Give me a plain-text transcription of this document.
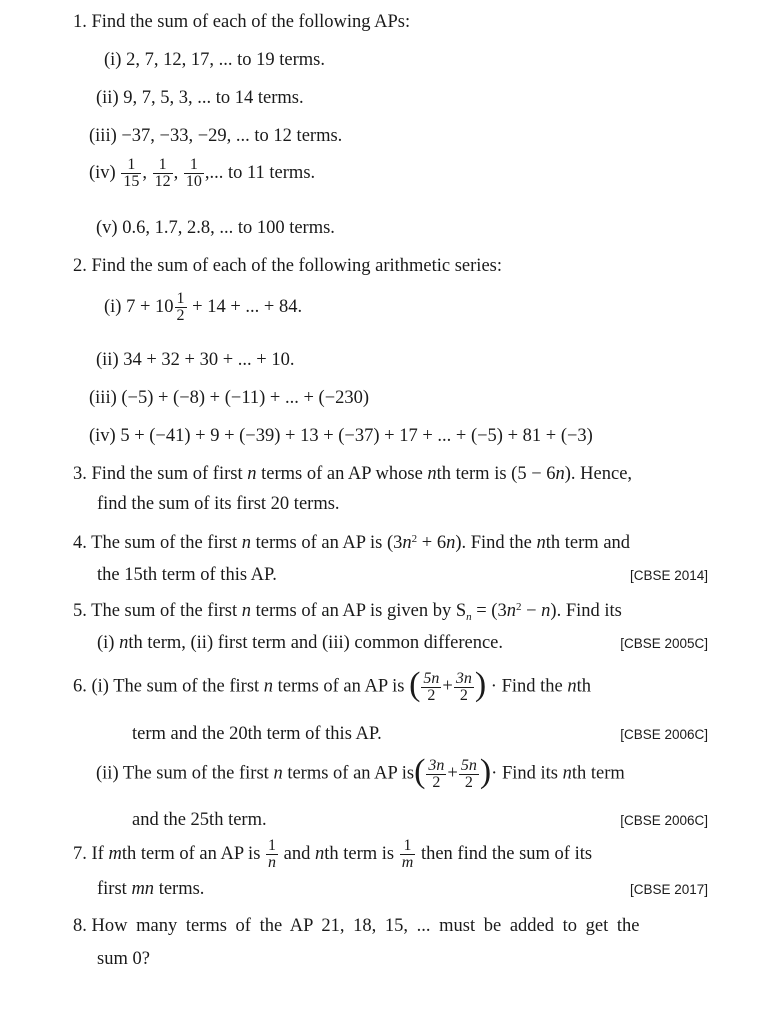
1. Find the sum of each of the following APs:
(i) 2, 7, 12, 17, ... to 19 terms.
(ii) 9, 7, 5, 3, ... to 14 terms.
(iii) −37, −33, −29, ... to 12 terms.
$(iv) \frac{1}{15}$ , $\frac{1}{12}$ , $\frac{1}{10}$ ,... to 11 terms.
(v) 0.6, 1.7, 2.8, ... to 100 terms.
2. Find the sum of each of the following arithmetic series:
(i) $7 + 10 \frac{1}{2} + 14$ + ... + 84.
(ii) 34 + 32 + 30 + ... + 10.
(iii) (−5) + (−8) + (−11) + ... + (−230)
(iv) 5 + (−41) + 9 + (−39) + 13 + (−37) + 17 + ... + (−5) + 81 + (−3)
3. Find the sum of first n terms of an AP whose nth term is (5 − 6n). Hence,
find the sum of its first 20 terms.
4. The sum of the first n terms of an AP is $(3n^2 + 6n)$. Find the nth term and
the 15th term of this AP.	[CBSE 2014]
5. The sum of the first n terms of an AP is given by $S_n = (3n^2 - n)$. Find its
(i) nth term, (ii) first term and (iii) common difference.	[CBSE 2005C]
6. (i) The sum of the first n terms of an AP is ( $\frac{5n}{2} + \frac{3n}{2}$ ) · Find the nth
term and the 20th term of this AP.	[CBSE 2006C]
(ii) The sum of the first n terms of an AP $is( \frac{3n}{2} + \frac{5n}{2}$ )· Find its nth term
and the 25th term.	[CBSE 2006C]
7. If mth term of an AP is $\frac{1}{n}$ and nth term is $\frac{1}{m}$ then find the sum of its
first mn terms.	[CBSE 2017]
8. How many terms of the AP 21, 18, 15, ... must be added to get the
sum 0?
